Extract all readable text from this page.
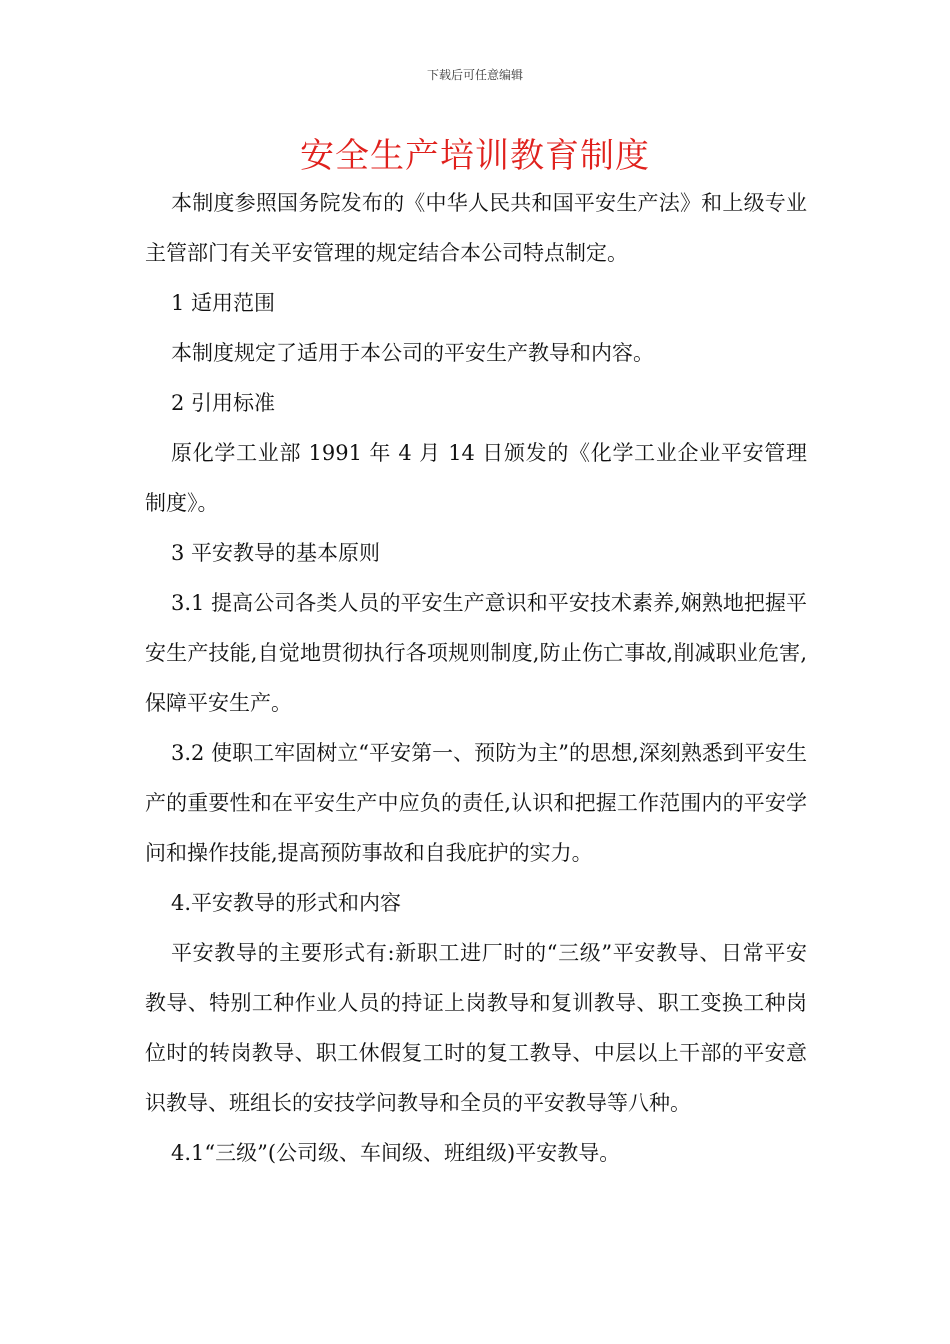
下载后可任意编辑
安全生产培训教育制度

本制度参照国务院发布的《中华人民共和国平安生产法》和上级专业主管部门有关平安管理的规定结合本公司特点制定。

1 适用范围

本制度规定了适用于本公司的平安生产教导和内容。

2 引用标准

原化学工业部 1991 年 4 月 14 日颁发的《化学工业企业平安管理制度》。

3 平安教导的基本原则

3.1 提高公司各类人员的平安生产意识和平安技术素养,娴熟地把握平安生产技能,自觉地贯彻执行各项规则制度,防止伤亡事故,削减职业危害,保障平安生产。

3.2 使职工牢固树立“平安第一、预防为主”的思想,深刻熟悉到平安生产的重要性和在平安生产中应负的责任,认识和把握工作范围内的平安学问和操作技能,提高预防事故和自我庇护的实力。

4.平安教导的形式和内容

平安教导的主要形式有:新职工进厂时的“三级”平安教导、日常平安教导、特别工种作业人员的持证上岗教导和复训教导、职工变换工种岗位时的转岗教导、职工休假复工时的复工教导、中层以上干部的平安意识教导、班组长的安技学问教导和全员的平安教导等八种。

4.1“三级”(公司级、车间级、班组级)平安教导。
